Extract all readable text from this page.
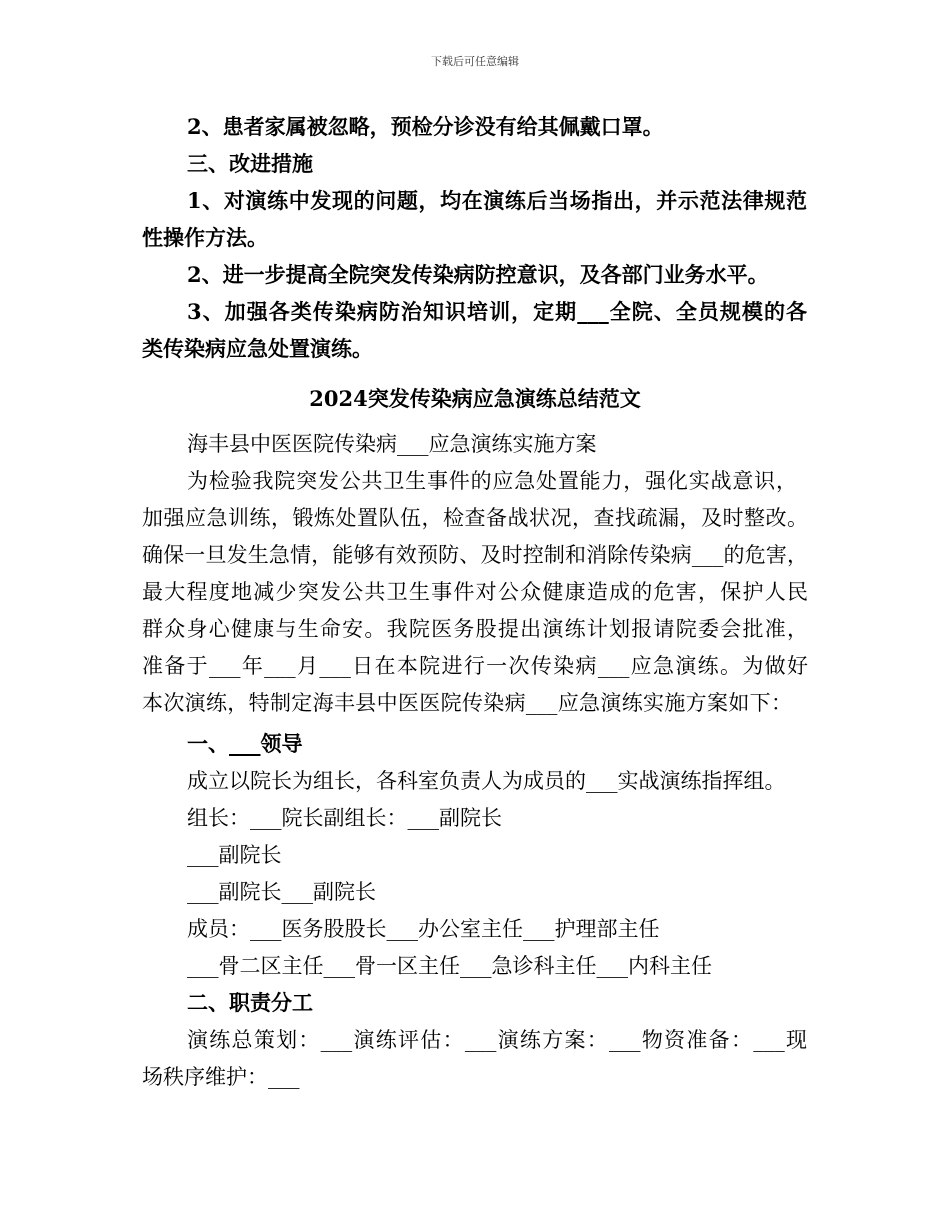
下载后可任意编辑
2、患者家属被忽略，预检分诊没有给其佩戴口罩。
三、改进措施
1、对演练中发现的问题，均在演练后当场指出，并示范法律规范
性操作方法。
2、进一步提高全院突发传染病防控意识，及各部门业务水平。
3、加强各类传染病防治知识培训，定期___全院、全员规模的各
类传染病应急处置演练。
2024突发传染病应急演练总结范文
海丰县中医医院传染病___应急演练实施方案
为检验我院突发公共卫生事件的应急处置能力，强化实战意识，
加强应急训练，锻炼处置队伍，检查备战状况，查找疏漏，及时整改。
确保一旦发生急情，能够有效预防、及时控制和消除传染病___的危害，
最大程度地减少突发公共卫生事件对公众健康造成的危害，保护人民
群众身心健康与生命安。我院医务股提出演练计划报请院委会批准，
准备于___年___月___日在本院进行一次传染病___应急演练。为做好
本次演练，特制定海丰县中医医院传染病___应急演练实施方案如下：
一、___领导
成立以院长为组长，各科室负责人为成员的___实战演练指挥组。
组长：___院长副组长：___副院长
___副院长
___副院长___副院长
成员：___医务股股长___办公室主任___护理部主任
___骨二区主任___骨一区主任___急诊科主任___内科主任
二、职责分工
演练总策划：___演练评估：___演练方案：___物资准备：___现
场秩序维护：___
